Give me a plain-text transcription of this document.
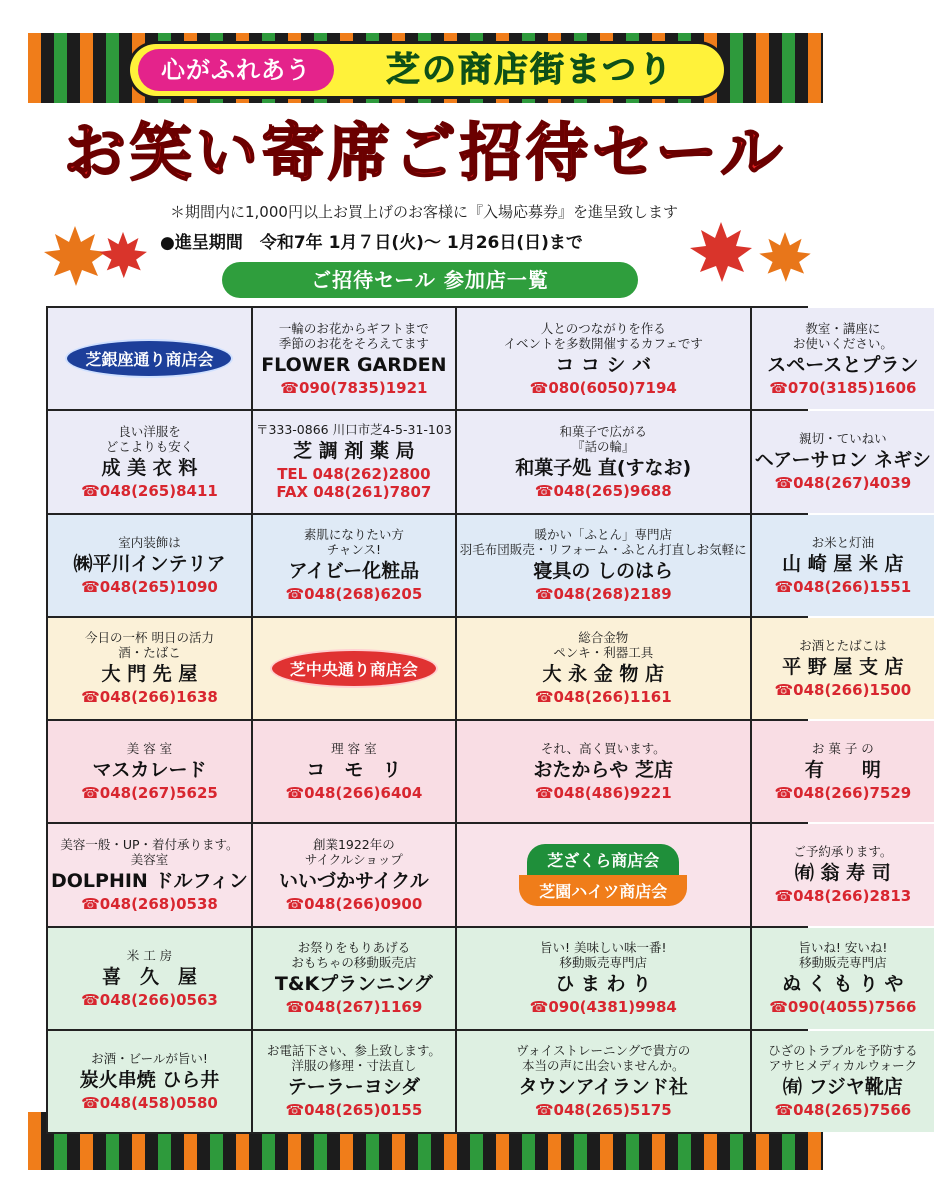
心がふれあう	芝の商店街まつり
お笑い寄席ご招待セール
＊期間内に1,000円以上お買上げのお客様に『入場応募券』を進呈致します
●進呈期間　令和7年 1月７日(火)～ 1月26日(日)まで
ご招待セール 参加店一覧
芝銀座通り商店会
一輪のお花からギフトまで
季節のお花をそろえてます
FLOWER GARDEN
☎090(7835)1921
人とのつながりを作る
イベントを多数開催するカフェです
コ コ シ バ
☎080(6050)7194
教室・講座に
お使いください。
スペースとプラン
☎070(3185)1606
良い洋服を
どこよりも安く
成 美 衣 料
☎048(265)8411
〒333-0866 川口市芝4-5-31-103
芝 調 剤 薬 局
TEL 048(262)2800
FAX 048(261)7807
和菓子で広がる
『話の輪』
和菓子処 直(すなお)
☎048(265)9688
親切・ていねい
ヘアーサロン ネギシ
☎048(267)4039
室内装飾は
㈱平川インテリア
☎048(265)1090
素肌になりたい方
チャンス!
アイビー化粧品
☎048(268)6205
暖かい「ふとん」専門店
羽毛布団販売・リフォーム・ふとん打直しお気軽に
寝具の しのはら
☎048(268)2189
お米と灯油
山 崎 屋 米 店
☎048(266)1551
今日の一杯 明日の活力
酒・たばこ
大 門 先 屋
☎048(266)1638
芝中央通り商店会
総合金物
ペンキ・利器工具
大 永 金 物 店
☎048(266)1161
お酒とたばこは
平 野 屋 支 店
☎048(266)1500
美 容 室
マスカレード
☎048(267)5625
理 容 室
コ　モ　リ
☎048(266)6404
それ、高く買います。
おたからや 芝店
☎048(486)9221
お 菓 子 の
有　　明
☎048(266)7529
美容一般・UP・着付承ります。
美容室
DOLPHIN ドルフィン
☎048(268)0538
創業1922年の
サイクルショップ
いいづかサイクル
☎048(266)0900
芝ざくら商店会
芝園ハイツ商店会
ご予約承ります。
㈲ 翁 寿 司
☎048(266)2813
米 工 房
喜　久　屋
☎048(266)0563
お祭りをもりあげる
おもちゃの移動販売店
T&Kプランニング
☎048(267)1169
旨い! 美味しい味一番!
移動販売専門店
ひ ま わ り
☎090(4381)9984
旨いね! 安いね!
移動販売専門店
ぬ く も り や
☎090(4055)7566
お酒・ビールが旨い!
炭火串焼 ひら井
☎048(458)0580
お電話下さい、参上致します。
洋服の修理・寸法直し
テーラーヨシダ
☎048(265)0155
ヴォイストレーニングで貴方の
本当の声に出会いませんか。
タウンアイランド社
☎048(265)5175
ひざのトラブルを予防する
アサヒメディカルウォーク
㈲ フジヤ靴店
☎048(265)7566
